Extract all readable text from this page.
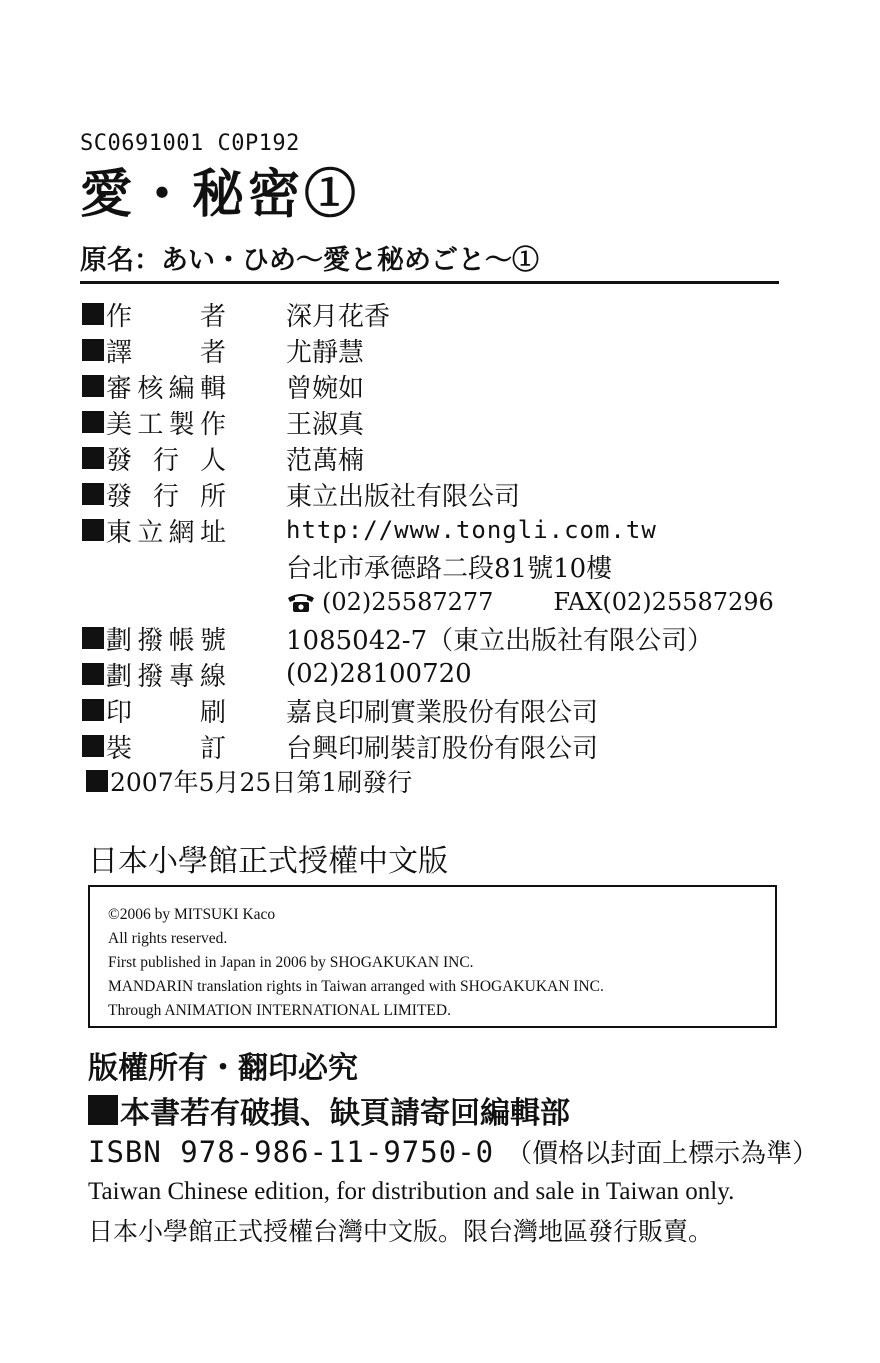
SC0691001 C0P192
愛・秘密①
原名：あい・ひめ～愛と秘めごと～①
作　者 深月花香
譯　者 尤靜慧
審核編輯 曾婉如
美工製作 王淑真
發行人 范萬楠
發行所 東立出版社有限公司
東立網址	http://www.tongli.com.tw
台北市承德路二段81號10樓
(02)25587277	FAX(02)25587296
劃撥帳號 1085042-7（東立出版社有限公司）
劃撥專線 (02)28100720
印　刷 嘉良印刷實業股份有限公司
裝　訂 台興印刷裝訂股份有限公司
2007年5月25日第1刷發行
日本小學館正式授權中文版
©2006 by MITSUKI Kaco
All rights reserved.
First published in Japan in 2006 by SHOGAKUKAN INC.
MANDARIN translation rights in Taiwan arranged with SHOGAKUKAN INC.
Through ANIMATION INTERNATIONAL LIMITED.
版權所有・翻印必究
本書若有破損、缺頁請寄回編輯部
ISBN 978-986-11-9750-0 （價格以封面上標示為準）
Taiwan Chinese edition, for distribution and sale in Taiwan only.
日本小學館正式授權台灣中文版。限台灣地區發行販賣。
